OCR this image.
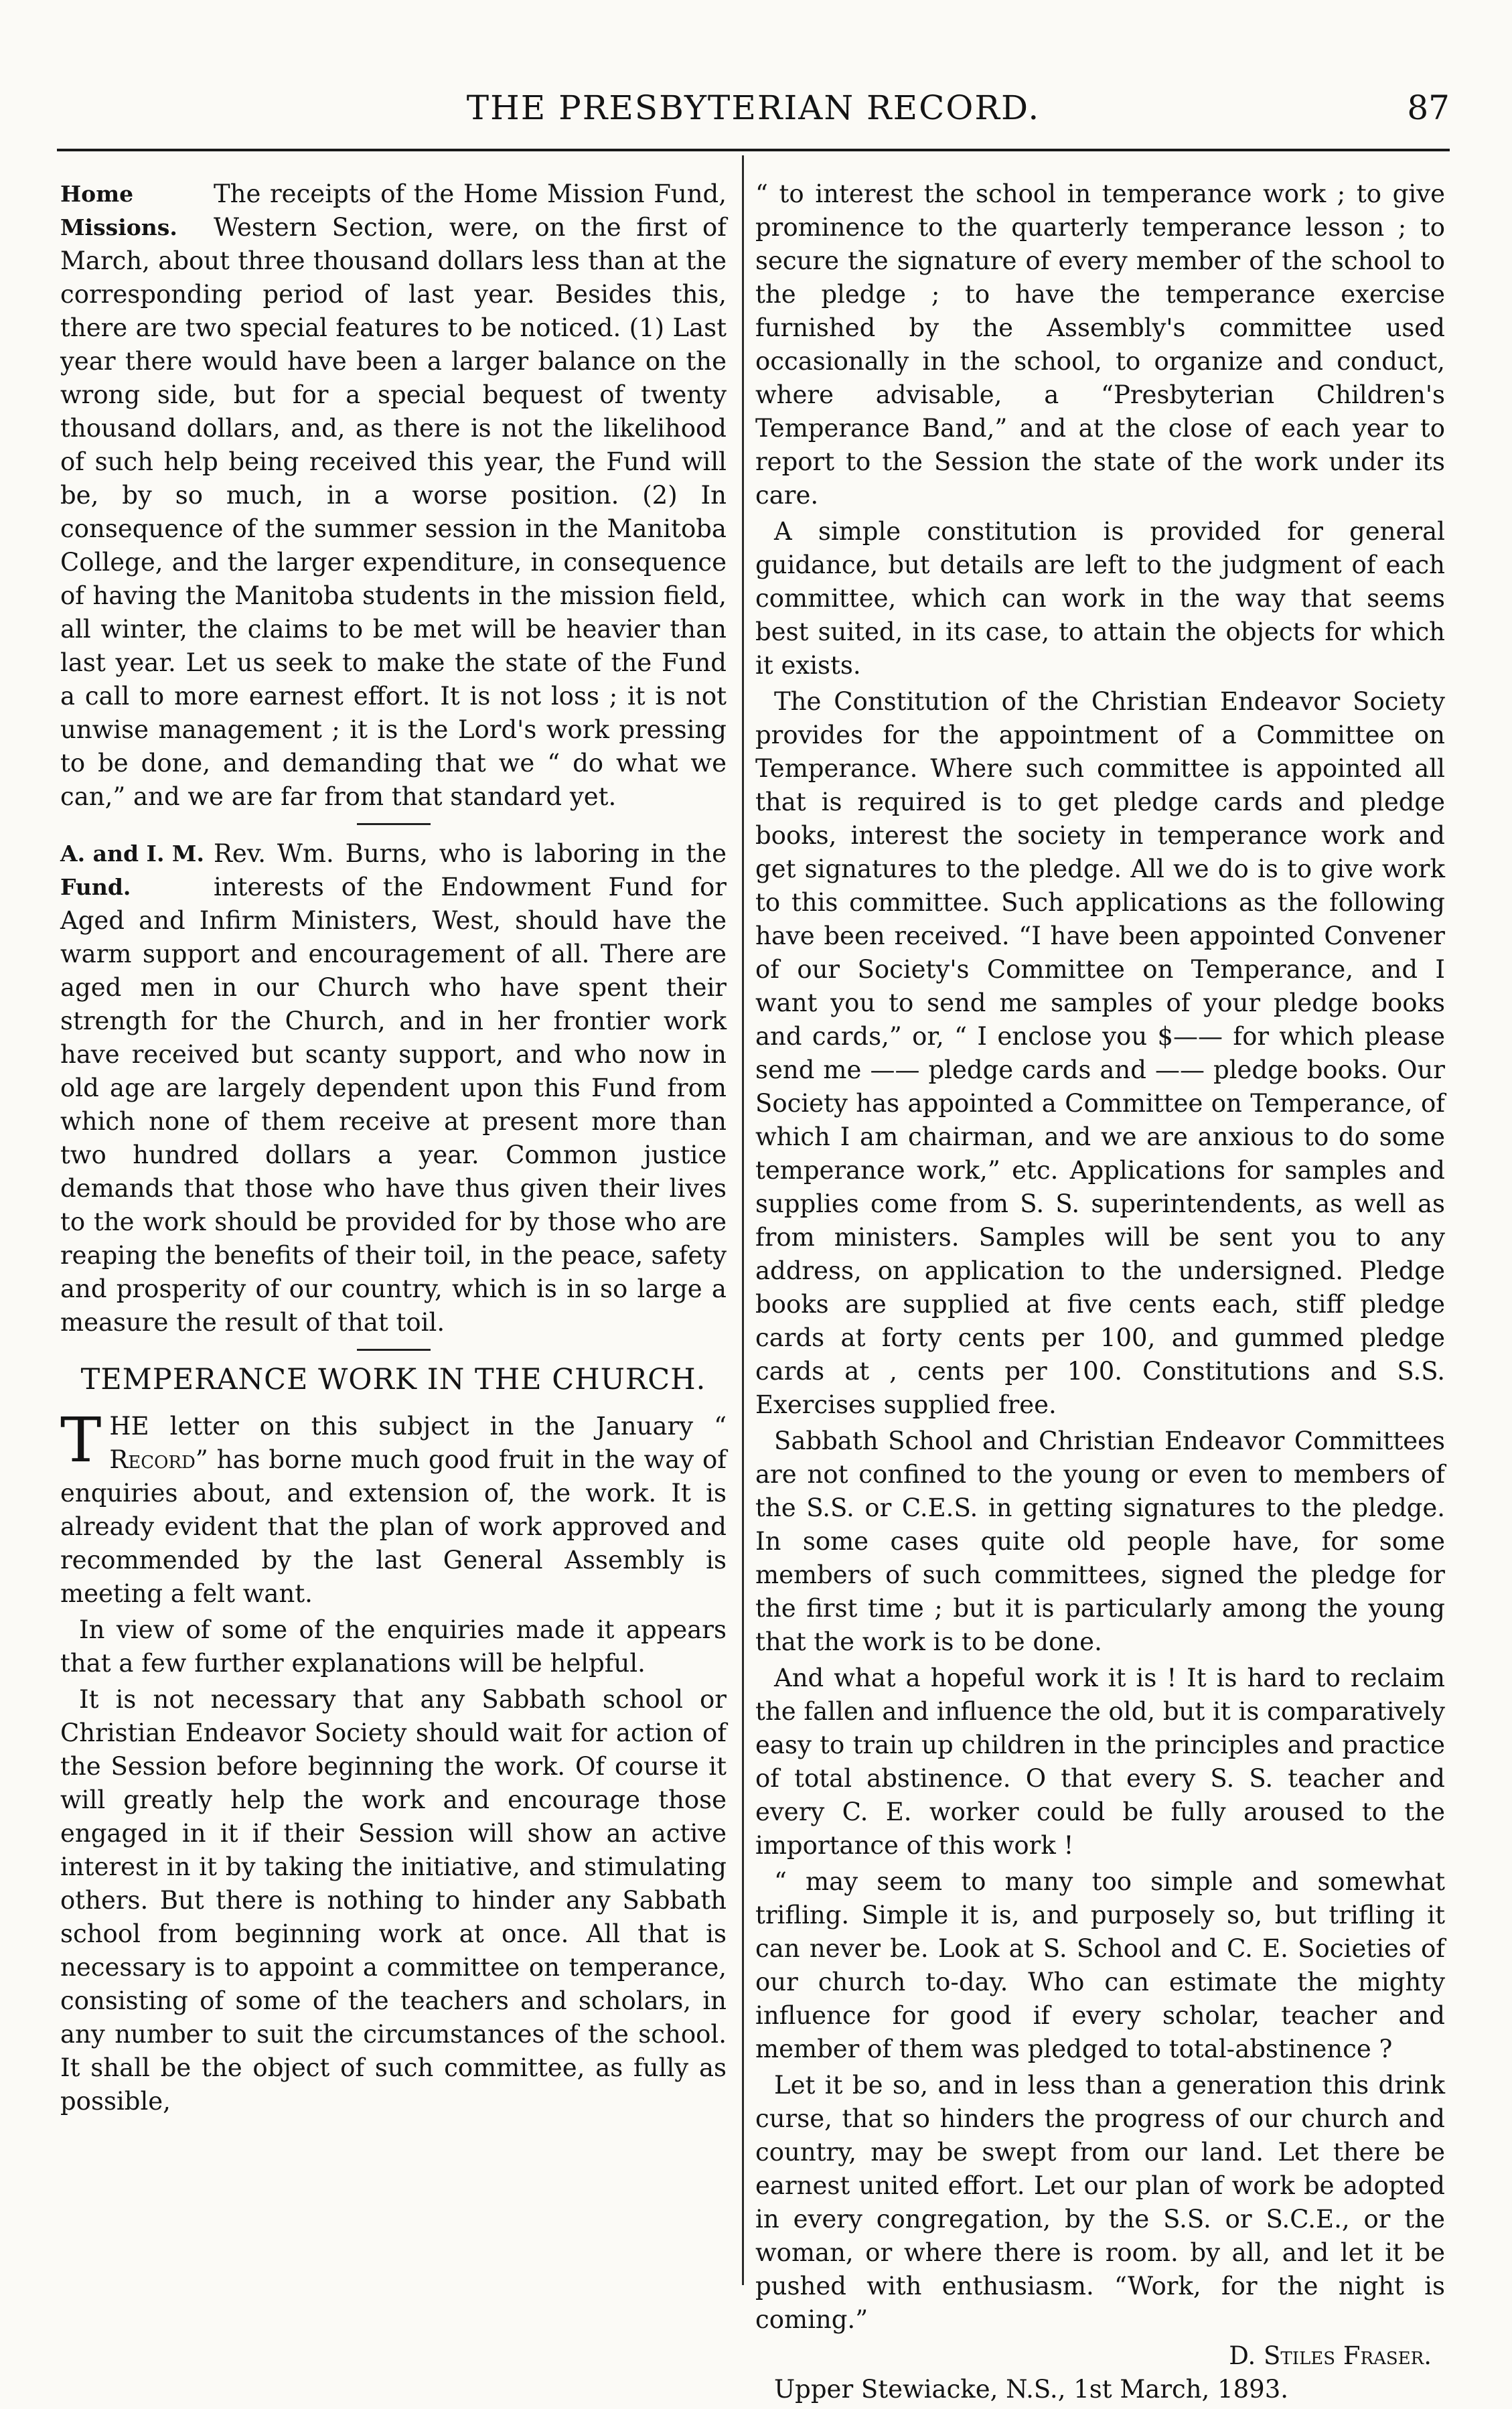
THE PRESBYTERIAN RECORD.	87

Home Missions.
The receipts of the Home Mission Fund, Western Section, were, on the first of March, about three thousand dollars less than at the corresponding period of last year. Besides this, there are two special features to be noticed. (1) Last year there would have been a larger balance on the wrong side, but for a special bequest of twenty thousand dollars, and, as there is not the likelihood of such help being received this year, the Fund will be, by so much, in a worse position. (2) In consequence of the summer session in the Manitoba College, and the larger expenditure, in consequence of having the Manitoba students in the mission field, all winter, the claims to be met will be heavier than last year. Let us seek to make the state of the Fund a call to more earnest effort. It is not loss ; it is not unwise management ; it is the Lord's work pressing to be done, and demanding that we “ do what we can,” and we are far from that standard yet.

A. and I. M. Fund.
Rev. Wm. Burns, who is laboring in the interests of the Endowment Fund for Aged and Infirm Ministers, West, should have the warm support and encouragement of all. There are aged men in our Church who have spent their strength for the Church, and in her frontier work have received but scanty support, and who now in old age are largely dependent upon this Fund from which none of them receive at present more than two hundred dollars a year. Common justice demands that those who have thus given their lives to the work should be provided for by those who are reaping the benefits of their toil, in the peace, safety and prosperity of our country, which is in so large a measure the result of that toil.

TEMPERANCE WORK IN THE CHURCH.

T HE letter on this subject in the January “ Record” has borne much good fruit in the way of enquiries about, and extension of, the work. It is already evident that the plan of work approved and recommended by the last General Assembly is meeting a felt want.

In view of some of the enquiries made it appears that a few further explanations will be helpful.

It is not necessary that any Sabbath school or Christian Endeavor Society should wait for action of the Session before beginning the work. Of course it will greatly help the work and encourage those engaged in it if their Session will show an active interest in it by taking the initiative, and stimulating others. But there is nothing to hinder any Sabbath school from beginning work at once. All that is necessary is to appoint a committee on temperance, consisting of some of the teachers and scholars, in any number to suit the circumstances of the school. It shall be the object of such committee, as fully as possible,

“ to interest the school in temperance work ; to give prominence to the quarterly temperance lesson ; to secure the signature of every member of the school to the pledge ; to have the temperance exercise furnished by the Assembly's committee used occasionally in the school, to organize and conduct, where advisable, a “Presbyterian Children's Temperance Band,” and at the close of each year to report to the Session the state of the work under its care.

A simple constitution is provided for general guidance, but details are left to the judgment of each committee, which can work in the way that seems best suited, in its case, to attain the objects for which it exists.

The Constitution of the Christian Endeavor Society provides for the appointment of a Committee on Temperance. Where such committee is appointed all that is required is to get pledge cards and pledge books, interest the society in temperance work and get signatures to the pledge. All we do is to give work to this committee. Such applications as the following have been received. “I have been appointed Convener of our Society's Committee on Temperance, and I want you to send me samples of your pledge books and cards,” or, “ I enclose you $—— for which please send me —— pledge cards and —— pledge books. Our Society has appointed a Committee on Temperance, of which I am chairman, and we are anxious to do some temperance work,” etc. Applications for samples and supplies come from S. S. superintendents, as well as from ministers. Samples will be sent you to any address, on application to the undersigned. Pledge books are supplied at five cents each, stiff pledge cards at forty cents per 100, and gummed pledge cards at , cents per 100. Constitutions and S.S. Exercises supplied free.

Sabbath School and Christian Endeavor Committees are not confined to the young or even to members of the S.S. or C.E.S. in getting signatures to the pledge. In some cases quite old people have, for some members of such committees, signed the pledge for the first time ; but it is particularly among the young that the work is to be done.

And what a hopeful work it is ! It is hard to reclaim the fallen and influence the old, but it is comparatively easy to train up children in the principles and practice of total abstinence. O that every S. S. teacher and every C. E. worker could be fully aroused to the importance of this work !

“ may seem to many too simple and somewhat trifling. Simple it is, and purposely so, but trifling it can never be. Look at S. School and C. E. Societies of our church to-day. Who can estimate the mighty influence for good if every scholar, teacher and member of them was pledged to total-abstinence ?

Let it be so, and in less than a generation this drink curse, that so hinders the progress of our church and country, may be swept from our land. Let there be earnest united effort. Let our plan of work be adopted in every congregation, by the S.S. or S.C.E., or the woman, or where there is room. by all, and let it be pushed with enthusiasm. “Work, for the night is coming.”

D. Stiles Fraser.

Upper Stewiacke, N.S., 1st March, 1893.
